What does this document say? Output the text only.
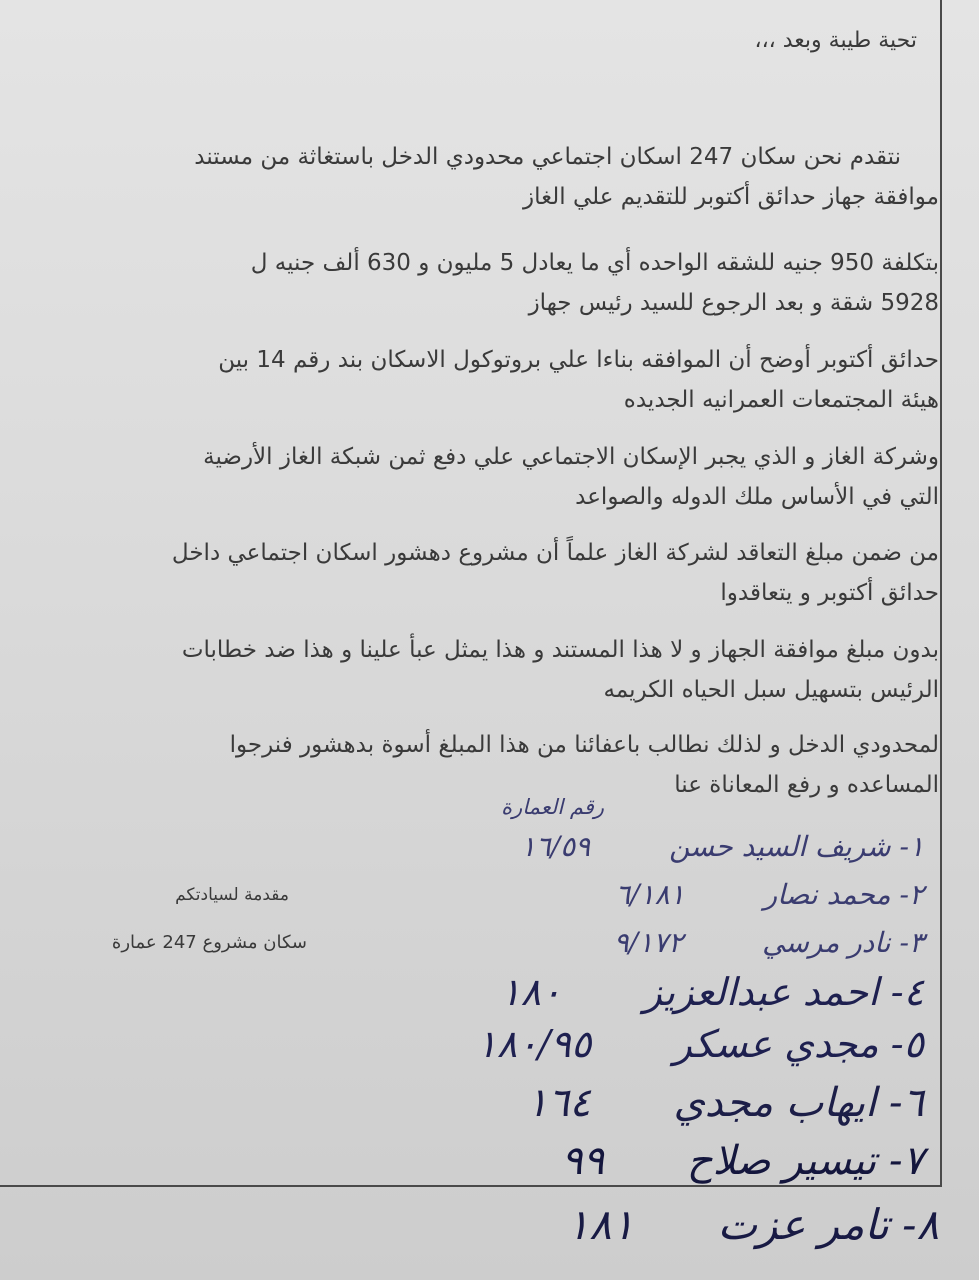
تحية طيبة وبعد ،،،
نتقدم نحن سكان 247 اسكان اجتماعي محدودي الدخل باستغاثة من مستند
موافقة جهاز حدائق أكتوبر للتقديم علي الغاز
بتكلفة 950 جنيه للشقه الواحده أي ما يعادل 5 مليون و 630 ألف جنيه ل
5928 شقة و بعد الرجوع للسيد رئيس جهاز
حدائق أكتوبر أوضح أن الموافقه بناءا علي بروتوكول الاسكان بند رقم 14 بين
هيئة المجتمعات العمرانيه الجديده
وشركة الغاز و الذي يجبر الإسكان الاجتماعي علي دفع ثمن شبكة الغاز الأرضية
التي في الأساس ملك الدوله والصواعد
من ضمن مبلغ التعاقد لشركة الغاز علماً أن مشروع دهشور اسكان اجتماعي داخل
حدائق أكتوبر و يتعاقدوا
بدون مبلغ موافقة الجهاز و لا هذا المستند و هذا يمثل عبأ علينا و هذا ضد خطابات
الرئيس بتسهيل سبل الحياه الكريمه
لمحدودي الدخل و لذلك نطالب باعفائنا من هذا المبلغ أسوة بدهشور فنرجوا
المساعده و رفع المعاناة عنا
مقدمة لسيادتكم
سكان مشروع 247 عمارة
رقم العمارة
١- شريف السيد حسن ١٦/٥٩
٢- محمد نصار ٦/١٨١
٣- نادر مرسي ٩/١٧٢
٤- احمد عبدالعزيز ١٨٠
٥- مجدي عسكر ١٨٠/٩٥
٦- ايهاب مجدي ١٦٤
٧- تيسير صلاح ٩٩
٨- تامر عزت ١٨١
